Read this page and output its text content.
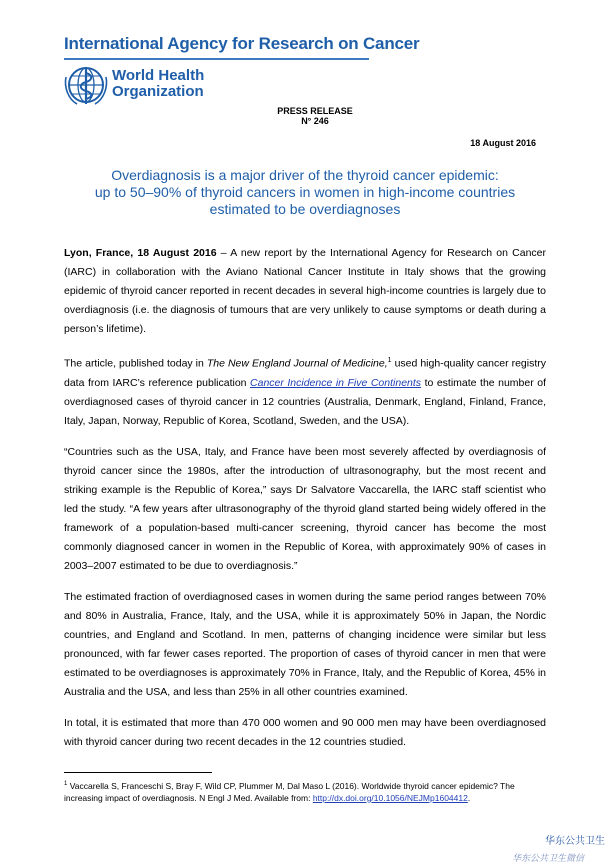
International Agency for Research on Cancer
World Health
Organization
PRESS RELEASE
N° 246
18 August 2016
Overdiagnosis is a major driver of the thyroid cancer epidemic:
up to 50–90% of thyroid cancers in women in high-income countries
estimated to be overdiagnoses

Lyon, France, 18 August 2016 – A new report by the International Agency for Research on Cancer (IARC) in collaboration with the Aviano National Cancer Institute in Italy shows that the growing epidemic of thyroid cancer reported in recent decades in several high-income countries is largely due to overdiagnosis (i.e. the diagnosis of tumours that are very unlikely to cause symptoms or death during a person’s lifetime).

The article, published today in The New England Journal of Medicine,$^1$ used high-quality cancer registry data from IARC’s reference publication Cancer Incidence in Five Continents to estimate the number of overdiagnosed cases of thyroid cancer in 12 countries (Australia, Denmark, England, Finland, France, Italy, Japan, Norway, Republic of Korea, Scotland, Sweden, and the USA).

“Countries such as the USA, Italy, and France have been most severely affected by overdiagnosis of thyroid cancer since the 1980s, after the introduction of ultrasonography, but the most recent and striking example is the Republic of Korea,” says Dr Salvatore Vaccarella, the IARC staff scientist who led the study. “A few years after ultrasonography of the thyroid gland started being widely offered in the framework of a population-based multi-cancer screening, thyroid cancer has become the most commonly diagnosed cancer in women in the Republic of Korea, with approximately 90% of cases in 2003–2007 estimated to be due to overdiagnosis.”

The estimated fraction of overdiagnosed cases in women during the same period ranges between 70% and 80% in Australia, France, Italy, and the USA, while it is approximately 50% in Japan, the Nordic countries, and England and Scotland. In men, patterns of changing incidence were similar but less pronounced, with far fewer cases reported. The proportion of cases of thyroid cancer in men that were estimated to be overdiagnoses is approximately 70% in France, Italy, and the Republic of Korea, 45% in Australia and the USA, and less than 25% in all other countries examined.

In total, it is estimated that more than 470 000 women and 90 000 men may have been overdiagnosed with thyroid cancer during two recent decades in the 12 countries studied.

$^1$ Vaccarella S, Franceschi S, Bray F, Wild CP, Plummer M, Dal Maso L (2016). Worldwide thyroid cancer epidemic? The increasing impact of overdiagnosis. N Engl J Med. Available from: http://dx.doi.org/10.1056/NEJMp1604412.
华东公共卫生
华东公共卫生微信
